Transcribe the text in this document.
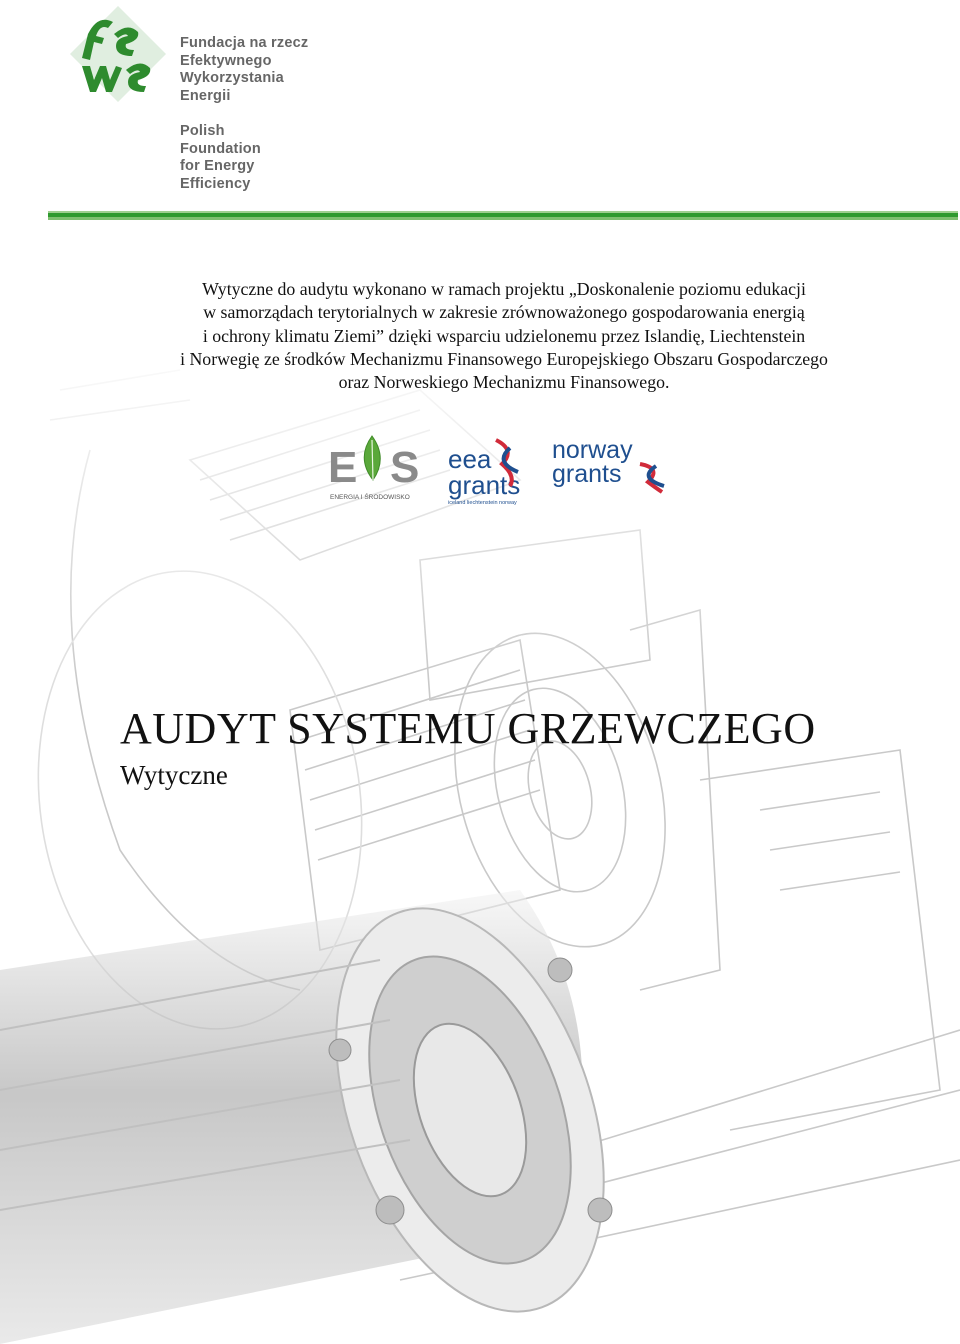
Fundacja na rzecz
Efektywnego
Wykorzystania
Energii
Polish
Foundation
for Energy
Efficiency
Wytyczne do audytu wykonano w ramach projektu „Doskonalenie poziomu edukacji
w samorządach terytorialnych w zakresie zrównoważonego gospodarowania energią
i ochrony klimatu Ziemi” dzięki wsparciu udzielonemu przez Islandię, Liechtenstein
i Norwegię ze środków Mechanizmu Finansowego Europejskiego Obszaru Gospodarczego
oraz Norweskiego Mechanizmu Finansowego.
E S
ENERGIA I ŚRODOWISKO
eea
grants
iceland liechtenstein norway
norway
grants
AUDYT SYSTEMU GRZEWCZEGO

Wytyczne
